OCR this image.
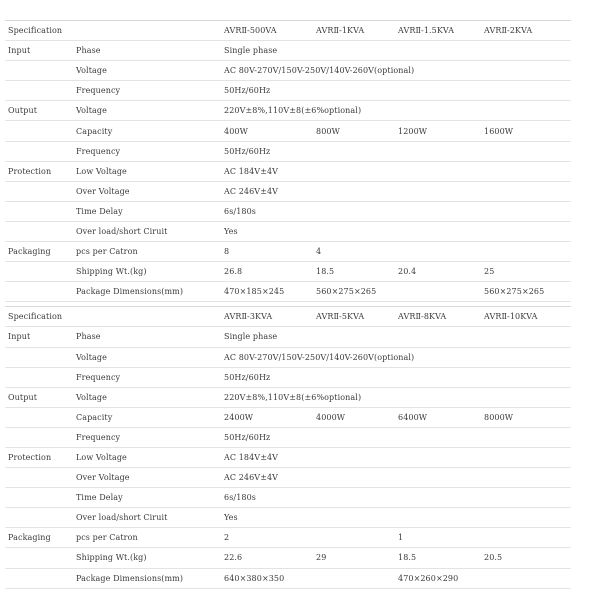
Specification		AVRⅡ-500VA	AVRⅡ-1KVA	AVRⅡ-1.5KVA	AVRⅡ-2KVA
Input	Phase	Single phase			
	Voltage	AC 80V-270V/150V-250V/140V-260V(optional)			
	Frequency	50Hz/60Hz			
Output	Voltage	220V±8%,110V±8(±6%optional)			
	Capacity	400W	800W	1200W	1600W
	Frequency	50Hz/60Hz			
Protection	Low Voltage	AC 184V±4V			
	Over Voltage	AC 246V±4V			
	Time Delay	6s/180s			
	Over load/short Ciruit	Yes			
Packaging	pcs per Catron	8	4		
	Shipping Wt.(kg)	26.8	18.5	20.4	25
	Package Dimensions(mm)	470×185×245	560×275×265		560×275×265
Specification		AVRⅡ-3KVA	AVRⅡ-5KVA	AVRⅡ-8KVA	AVRⅡ-10KVA
Input	Phase	Single phase			
	Voltage	AC 80V-270V/150V-250V/140V-260V(optional)			
	Frequency	50Hz/60Hz			
Output	Voltage	220V±8%,110V±8(±6%optional)			
	Capacity	2400W	4000W	6400W	8000W
	Frequency	50Hz/60Hz			
Protection	Low Voltage	AC 184V±4V			
	Over Voltage	AC 246V±4V			
	Time Delay	6s/180s			
	Over load/short Ciruit	Yes			
Packaging	pcs per Catron	2		1	
	Shipping Wt.(kg)	22.6	29	18.5	20.5
	Package Dimensions(mm)	640×380×350		470×260×290	
